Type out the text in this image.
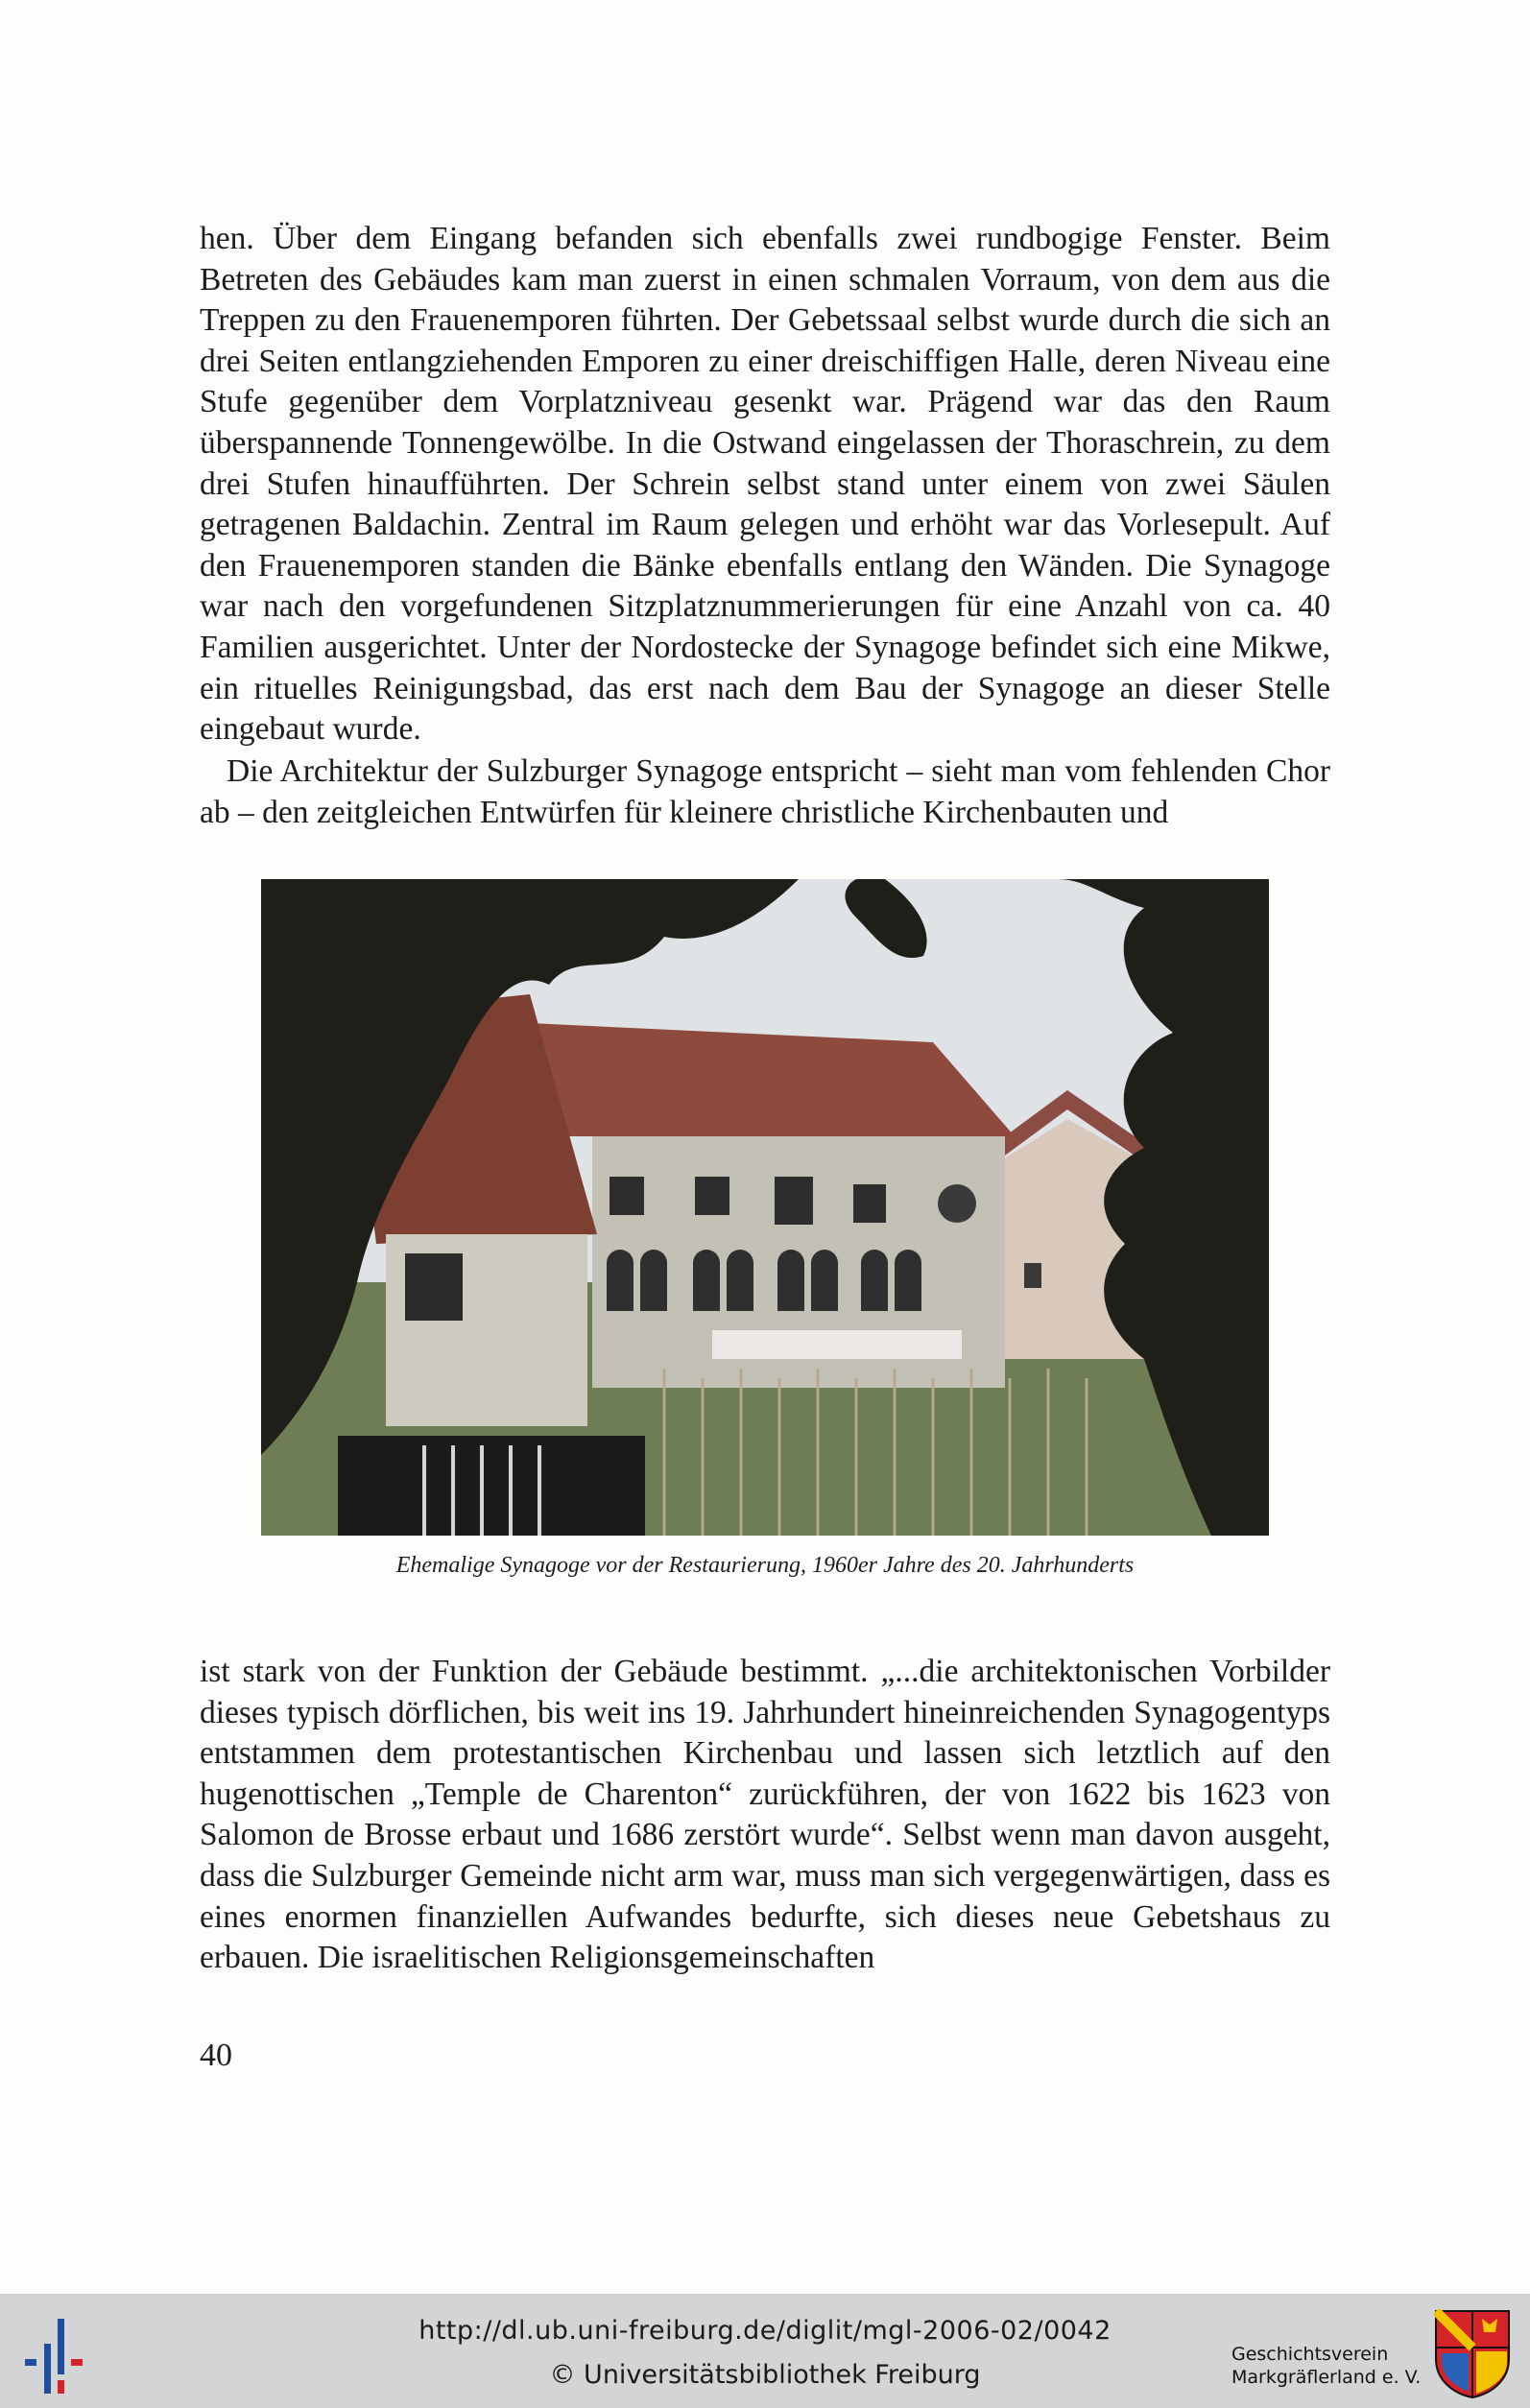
hen. Über dem Eingang befanden sich ebenfalls zwei rundbogige Fenster. Beim Betreten des Gebäudes kam man zuerst in einen schmalen Vorraum, von dem aus die Treppen zu den Frauenemporen führten. Der Gebetssaal selbst wurde durch die sich an drei Seiten entlangziehenden Emporen zu einer dreischiffigen Halle, deren Niveau eine Stufe gegenüber dem Vorplatzniveau gesenkt war. Prägend war das den Raum überspannende Tonnengewölbe. In die Ostwand eingelassen der Thoraschrein, zu dem drei Stufen hinaufführten. Der Schrein selbst stand unter einem von zwei Säulen getragenen Baldachin. Zentral im Raum gelegen und erhöht war das Vorlesepult. Auf den Frauenemporen standen die Bänke ebenfalls entlang den Wänden. Die Synagoge war nach den vorgefundenen Sitzplatznummerierungen für eine Anzahl von ca. 40 Familien ausgerichtet. Unter der Nordostecke der Synagoge befindet sich eine Mikwe, ein rituelles Reinigungsbad, das erst nach dem Bau der Synagoge an dieser Stelle eingebaut wurde.

Die Architektur der Sulzburger Synagoge entspricht – sieht man vom fehlenden Chor ab – den zeitgleichen Entwürfen für kleinere christliche Kirchenbauten und

Ehemalige Synagoge vor der Restaurierung, 1960er Jahre des 20. Jahrhunderts

ist stark von der Funktion der Gebäude bestimmt. „...die architektonischen Vorbilder dieses typisch dörflichen, bis weit ins 19. Jahrhundert hineinreichenden Synagogentyps entstammen dem protestantischen Kirchenbau und lassen sich letztlich auf den hugenottischen „Temple de Charenton“ zurückführen, der von 1622 bis 1623 von Salomon de Brosse erbaut und 1686 zerstört wurde“. Selbst wenn man davon ausgeht, dass die Sulzburger Gemeinde nicht arm war, muss man sich vergegenwärtigen, dass es eines enormen finanziellen Aufwandes bedurfte, sich dieses neue Gebetshaus zu erbauen. Die israelitischen Religionsgemeinschaften

40

http://dl.ub.uni-freiburg.de/diglit/mgl-2006-02/0042

© Universitätsbibliothek Freiburg

Geschichtsverein
Markgräflerland e. V.
